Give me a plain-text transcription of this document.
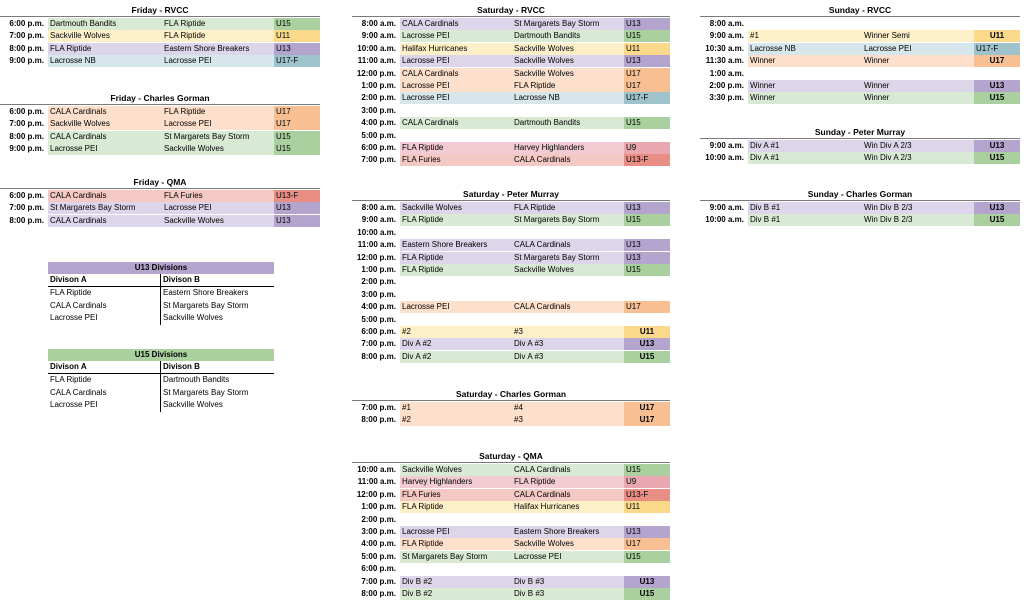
Friday - RVCC
6:00 p.m. Dartmouth Bandits	FLA Riptide	U15
7:00 p.m. Sackville Wolves	FLA Riptide	U11
8:00 p.m. FLA Riptide	Eastern Shore Breakers	U13
9:00 p.m. Lacrosse NB	Lacrosse PEI	U17-F
Friday - Charles Gorman
6:00 p.m. CALA Cardinals	FLA Riptide	U17
7:00 p.m. Sackville Wolves	Lacrosse PEI	U17
8:00 p.m. CALA Cardinals	St Margarets Bay Storm	U15
9:00 p.m. Lacrosse PEI	Sackville Wolves	U15
Friday - QMA
6:00 p.m. CALA Cardinals	FLA Furies	U13-F
7:00 p.m. St Margarets Bay Storm	Lacrosse PEI	U13
8:00 p.m. CALA Cardinals	Sackville Wolves	U13
Saturday - RVCC
8:00 a.m. CALA Cardinals	St Margarets Bay Storm	U13
9:00 a.m. Lacrosse PEI	Dartmouth Bandits	U15
10:00 a.m. Halifax Hurricanes	Sackville Wolves	U11
11:00 a.m. Lacrosse PEI	Sackville Wolves	U13
12:00 p.m. CALA Cardinals	Sackville Wolves	U17
1:00 p.m. Lacrosse PEI	FLA Riptide	U17
2:00 p.m. Lacrosse PEI	Lacrosse NB	U17-F
3:00 p.m.
4:00 p.m. CALA Cardinals	Dartmouth Bandits	U15
5:00 p.m.
6:00 p.m. FLA Riptide	Harvey Highlanders	U9
7:00 p.m. FLA Furies	CALA Cardinals	U13-F
Saturday - Peter Murray
8:00 a.m. Sackville Wolves	FLA Riptide	U13
9:00 a.m. FLA Riptide	St Margarets Bay Storm	U15
10:00 a.m.
11:00 a.m. Eastern Shore Breakers	CALA Cardinals	U13
12:00 p.m. FLA Riptide	St Margarets Bay Storm	U13
1:00 p.m. FLA Riptide	Sackville Wolves	U15
2:00 p.m.
3:00 p.m.
4:00 p.m. Lacrosse PEI	CALA Cardinals	U17
5:00 p.m.
6:00 p.m. #2	#3	U11
7:00 p.m. Div A #2	Div A #3	U13
8:00 p.m. Div A #2	Div A #3	U15
Saturday - Charles Gorman
7:00 p.m. #1	#4	U17
8:00 p.m. #2	#3	U17
Saturday - QMA
10:00 a.m. Sackville Wolves	CALA Cardinals	U15
11:00 a.m. Harvey Highlanders	FLA Riptide	U9
12:00 p.m. FLA Furies	CALA Cardinals	U13-F
1:00 p.m. FLA Riptide	Halifax Hurricanes	U11
2:00 p.m.
3:00 p.m. Lacrosse PEI	Eastern Shore Breakers	U13
4:00 p.m. FLA Riptide	Sackville Wolves	U17
5:00 p.m. St Margarets Bay Storm	Lacrosse PEI	U15
6:00 p.m.
7:00 p.m. Div B #2	Div B #3	U13
8:00 p.m. Div B #2	Div B #3	U15
Sunday - RVCC
8:00 a.m.
9:00 a.m. #1	Winner Semi	U11
10:30 a.m. Lacrosse NB	Lacrosse PEI	U17-F
11:30 a.m. Winner	Winner	U17
1:00 a.m.
2:00 p.m. Winner	Winner	U13
3:30 p.m. Winner	Winner	U15
Sunday - Peter Murray
9:00 a.m. Div A #1	Win Div A 2/3	U13
10:00 a.m. Div A #1	Win Div A 2/3	U15
Sunday - Charles Gorman
9:00 a.m. Div B #1	Win Div B 2/3	U13
10:00 a.m. Div B #1	Win Div B 2/3	U15
U13 Divisions
Divison A	Divison B
FLA Riptide	Eastern Shore Breakers
CALA Cardinals	St Margarets Bay Storm
Lacrosse PEI	Sackville Wolves
U15 Divisions
Divison A	Divison B
FLA Riptide	Dartmouth Bandits
CALA Cardinals	St Margarets Bay Storm
Lacrosse PEI	Sackville Wolves
